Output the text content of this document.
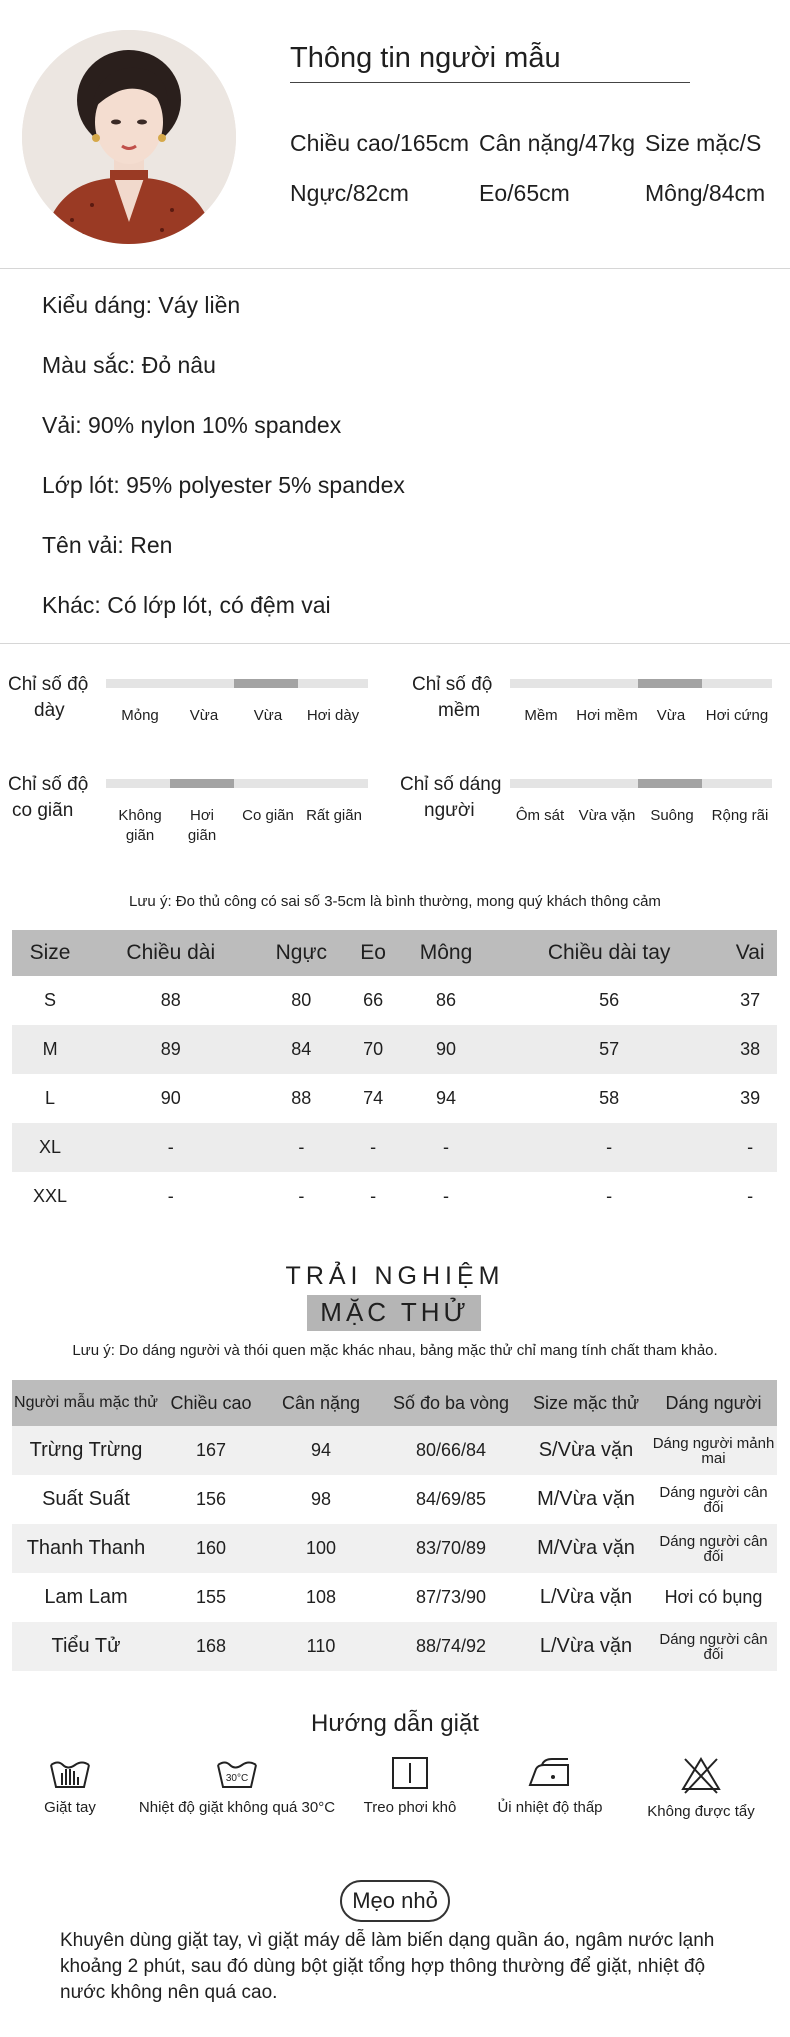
Thông tin người mẫu
Chiều cao/165cm Cân nặng/47kg Size mặc/S
Ngực/82cm	Eo/65cm	Mông/84cm
Kiểu dáng: Váy liền
Màu sắc: Đỏ nâu
Vải: 90% nylon 10% spandex
Lớp lót: 95% polyester 5% spandex
Tên vải: Ren
Khác: Có lớp lót, có đệm vai
Chỉ số độ
dày	Mỏng	Vừa	Vừa	Hơi dày
Chỉ số độ
mềm	Mềm	Hơi mềm	Vừa	Hơi cứng
Chỉ số độ
co giãn	Không giãn
Hơi giãn
Co giãn Rất giãn
Chỉ số dáng
người	Ôm sát Vừa vặn Suông	Rộng rãi
Lưu ý: Đo thủ công có sai số 3-5cm là bình thường, mong quý khách thông cảm
Size	Chiều dài	Ngực	Eo	Mông	Chiều dài tay	Vai
S	88	80	66	86	56	37
M	89	84	70	90	57	38
L	90	88	74	94	58	39
XL	-	-	-	-	-	-
XXL	-	-	-	-	-	-
TRẢI NGHIỆM
MẶC THỬ
Lưu ý: Do dáng người và thói quen mặc khác nhau, bảng mặc thử chỉ mang tính chất tham khảo.
Người mẫu mặc thử	Chiều cao	Cân nặng	Số đo ba vòng	Size mặc thử	Dáng người
Trừng Trừng	167	94	80/66/84	S/Vừa vặn	Dáng người mảnh mai
Suất Suất	156	98	84/69/85	M/Vừa vặn	Dáng người cân đối
Thanh Thanh	160	100	83/70/89	M/Vừa vặn	Dáng người cân đối
Lam Lam	155	108	87/73/90	L/Vừa vặn	Hơi có bụng
Tiểu Tử	168	110	88/74/92	L/Vừa vặn	Dáng người cân đối
Hướng dẫn giặt
Giặt tay
30°C
Nhiệt độ giặt không quá 30°C	Treo phơi khô	Ủi nhiệt độ thấp	Không được tẩy
Mẹo nhỏ
Khuyên dùng giặt tay, vì giặt máy dễ làm biến dạng quần áo, ngâm nước lạnh khoảng 2 phút, sau đó dùng bột giặt tổng hợp thông thường để giặt, nhiệt độ nước không nên quá cao.
